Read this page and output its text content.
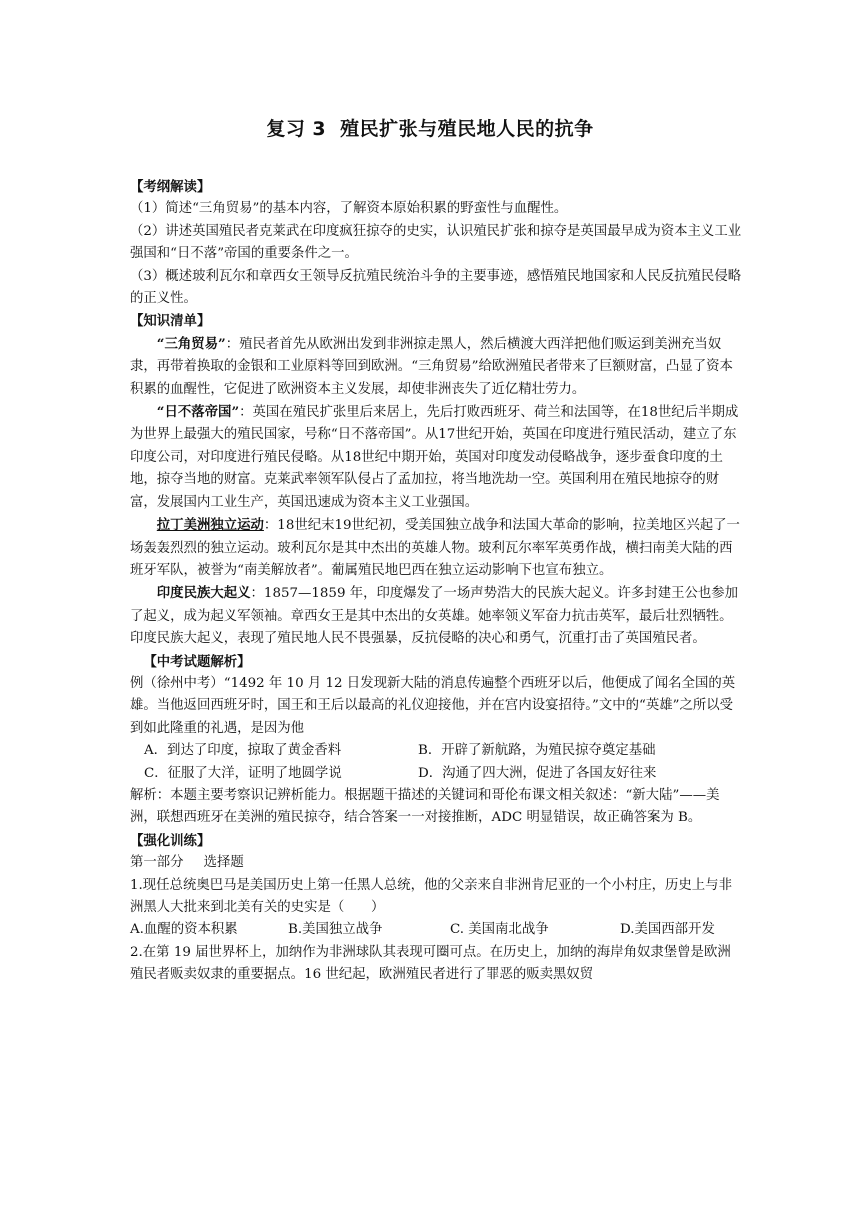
复习 3 殖民扩张与殖民地人民的抗争

【考纲解读】

（1）简述“三角贸易”的基本内容，了解资本原始积累的野蛮性与血醒性。

（2）讲述英国殖民者克莱武在印度疯狂掠夺的史实，认识殖民扩张和掠夺是英国最早成为资本主义工业强国和“日不落”帝国的重要条件之一。

（3）概述玻利瓦尔和章西女王领导反抗殖民统治斗争的主要事迹，感悟殖民地国家和人民反抗殖民侵略的正义性。

【知识清单】

“三角贸易”：殖民者首先从欧洲出发到非洲掠走黑人，然后横渡大西洋把他们贩运到美洲充当奴隶，再带着换取的金银和工业原料等回到欧洲。“三角贸易”给欧洲殖民者带来了巨额财富，凸显了资本积累的血醒性，它促进了欧洲资本主义发展，却使非洲丧失了近亿精壮劳力。

“日不落帝国”：英国在殖民扩张里后来居上，先后打败西班牙、荷兰和法国等，在18世纪后半期成为世界上最强大的殖民国家，号称“日不落帝国”。从17世纪开始，英国在印度进行殖民活动，建立了东印度公司，对印度进行殖民侵略。从18世纪中期开始，英国对印度发动侵略战争，逐步蚕食印度的土地，掠夺当地的财富。克莱武率领军队侵占了孟加拉，将当地洗劫一空。英国利用在殖民地掠夺的财富，发展国内工业生产，英国迅速成为资本主义工业强国。

拉丁美洲独立运动：18世纪末19世纪初，受美国独立战争和法国大革命的影响，拉美地区兴起了一场轰轰烈烈的独立运动。玻利瓦尔是其中杰出的英雄人物。玻利瓦尔率军英勇作战，横扫南美大陆的西班牙军队，被誉为“南美解放者”。葡属殖民地巴西在独立运动影响下也宣布独立。

印度民族大起义：1857—1859 年，印度爆发了一场声势浩大的民族大起义。许多封建王公也参加了起义，成为起义军领袖。章西女王是其中杰出的女英雄。她率领义军奋力抗击英军，最后壮烈牺牲。印度民族大起义，表现了殖民地人民不畏强暴，反抗侵略的决心和勇气，沉重打击了英国殖民者。

【中考试题解析】

例（徐州中考）“1492 年 10 月 12 日发现新大陆的消息传遍整个西班牙以后，他便成了闻名全国的英雄。当他返回西班牙时，国王和王后以最高的礼仪迎接他，并在宫内设宴招待。”文中的“英雄”之所以受到如此隆重的礼遇，是因为他

A．到达了印度，掠取了黄金香料	B．开辟了新航路，为殖民掠夺奠定基础
C．征服了大洋，证明了地圆学说	D．沟通了四大洲，促进了各国友好往来

解析：本题主要考察识记辨析能力。根据题干描述的关键词和哥伦布课文相关叙述：“新大陆”——美洲，联想西班牙在美洲的殖民掠夺，结合答案一一对接推断，ADC 明显错误，故正确答案为 B。

【强化训练】

第一部分 选择题

1.现任总统奥巴马是美国历史上第一任黑人总统，他的父亲来自非洲肯尼亚的一个小村庄，历史上与非洲黑人大批来到北美有关的史实是（　　）

A.血醒的资本积累	B.美国独立战争	C. 美国南北战争	D.美国西部开发

2.在第 19 届世界杯上，加纳作为非洲球队其表现可圈可点。在历史上，加纳的海岸角奴隶堡曾是欧洲殖民者贩卖奴隶的重要据点。16 世纪起，欧洲殖民者进行了罪恶的贩卖黑奴贸
